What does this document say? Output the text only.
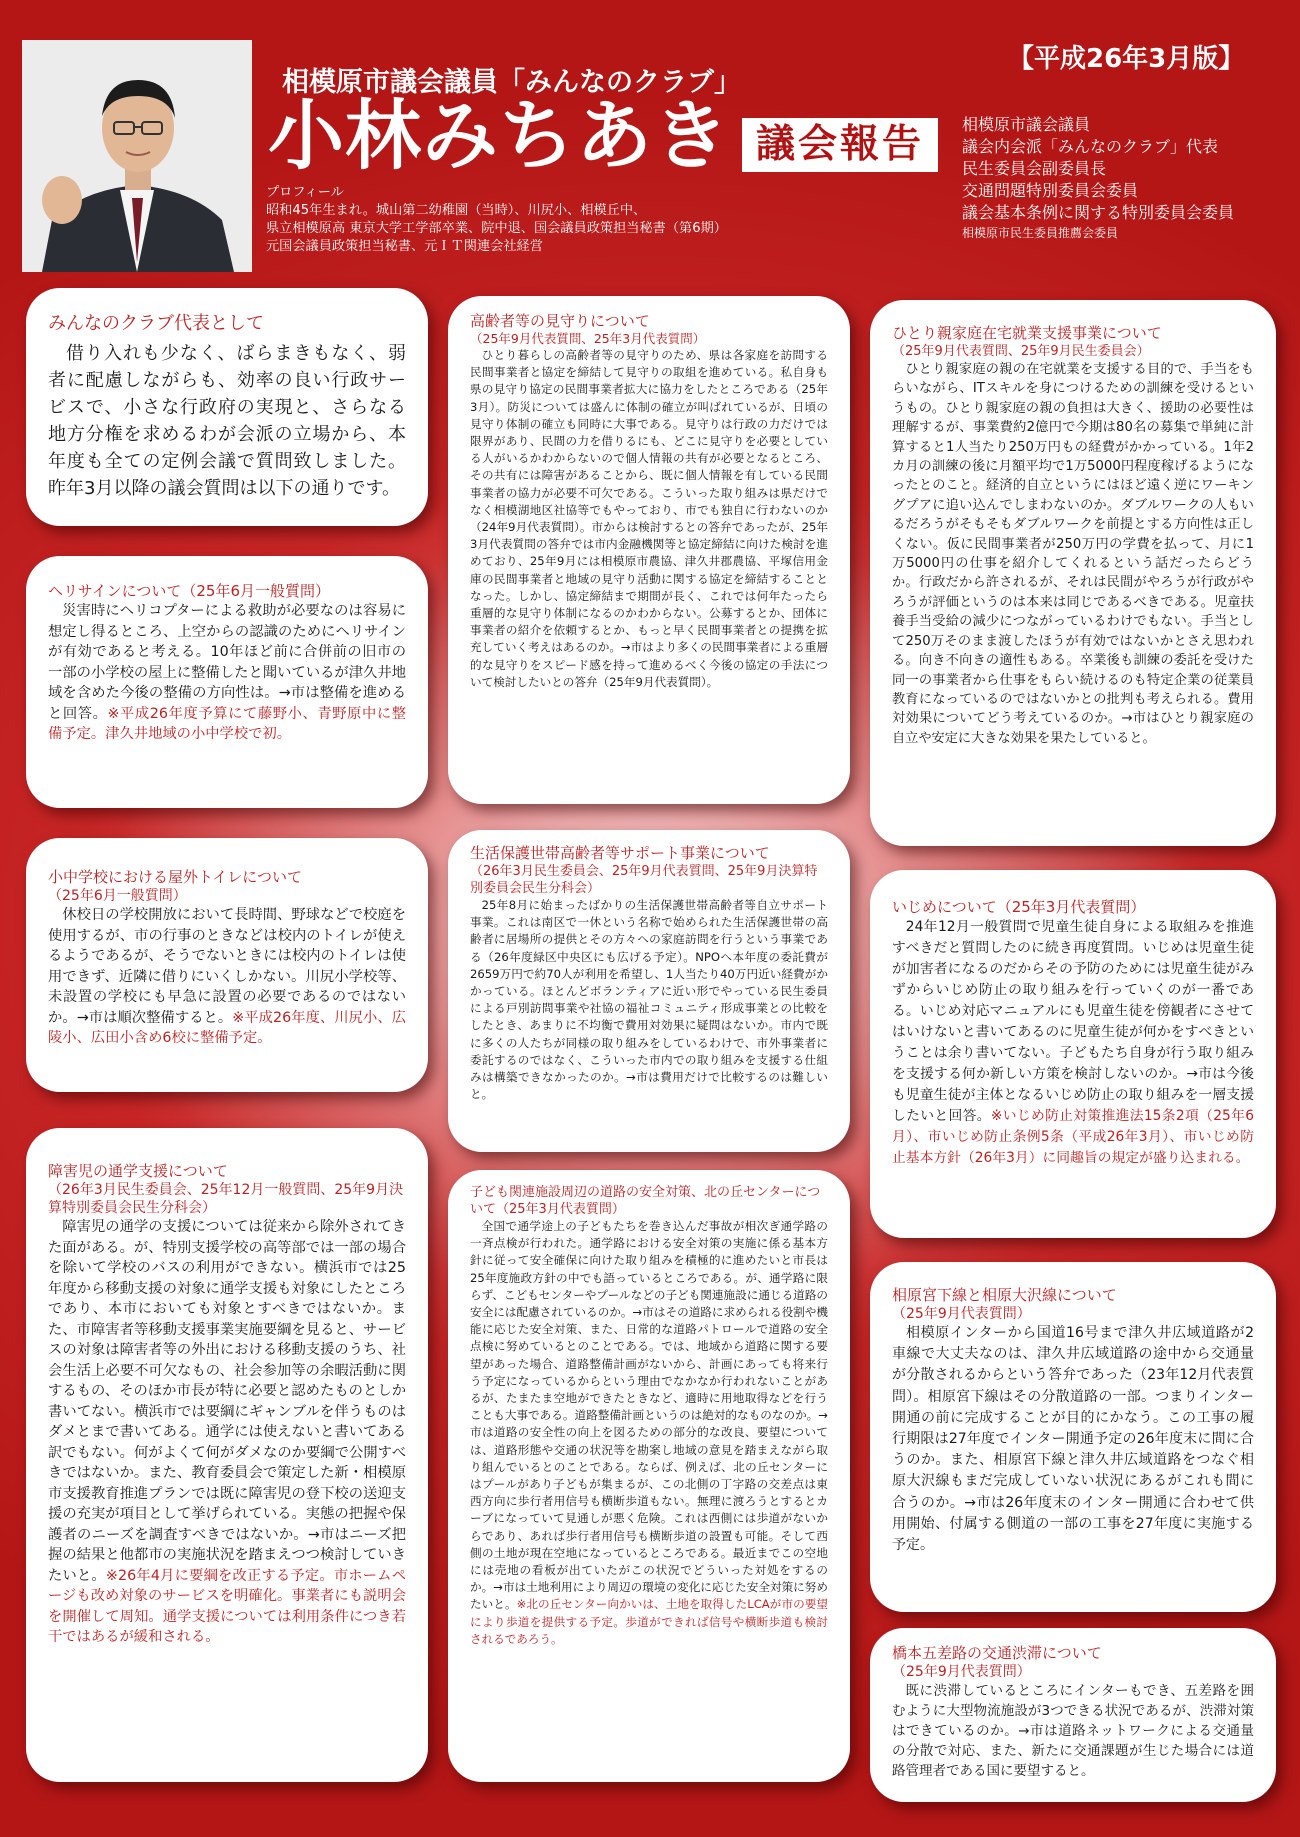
【平成26年3月版】
相模原市議会議員「みんなのクラブ」
小林みちあき 議会報告	相模原市議会議員
議会内会派「みんなのクラブ」代表
民生委員会副委員長
交通問題特別委員会委員
議会基本条例に関する特別委員会委員
相模原市民生委員推薦会委員
プロフィール
昭和45年生まれ。城山第二幼稚園（当時）、川尻小、相模丘中、
県立相模原高 東京大学工学部卒業、院中退、国会議員政策担当秘書（第6期）
元国会議員政策担当秘書、元ＩＴ関連会社経営
みんなのクラブ代表として
借り入れも少なく、ばらまきもなく、弱者に配慮しながらも、効率の良い行政サービスで、小さな行政府の実現と、さらなる地方分権を求めるわが会派の立場から、本年度も全ての定例会議で質問致しました。昨年3月以降の議会質問は以下の通りです。
ヘリサインについて（25年6月一般質問）
災害時にヘリコプターによる救助が必要なのは容易に想定し得るところ、上空からの認識のためにヘリサインが有効であると考える。10年ほど前に合併前の旧市の一部の小学校の屋上に整備したと聞いているが津久井地域を含めた今後の整備の方向性は。→市は整備を進めると回答。※平成26年度予算にて藤野小、青野原中に整備予定。津久井地域の小中学校で初。
小中学校における屋外トイレについて
（25年6月一般質問）
休校日の学校開放において長時間、野球などで校庭を使用するが、市の行事のときなどは校内のトイレが使えるようであるが、そうでないときには校内のトイレは使用できず、近隣に借りにいくしかない。川尻小学校等、未設置の学校にも早急に設置の必要であるのではないか。→市は順次整備すると。※平成26年度、川尻小、広陵小、広田小含め6校に整備予定。
障害児の通学支援について
（26年3月民生委員会、25年12月一般質問、25年9月決算特別委員会民生分科会）
障害児の通学の支援については従来から除外されてきた面がある。が、特別支援学校の高等部では一部の場合を除いて学校のバスの利用ができない。横浜市では25年度から移動支援の対象に通学支援も対象にしたところであり、本市においても対象とすべきではないか。また、市障害者等移動支援事業実施要綱を見ると、サービスの対象は障害者等の外出における移動支援のうち、社会生活上必要不可欠なもの、社会参加等の余暇活動に関するもの、そのほか市長が特に必要と認めたものとしか書いてない。横浜市では要綱にギャンブルを伴うものはダメとまで書いてある。通学には使えないと書いてある訳でもない。何がよくて何がダメなのか要綱で公開すべきではないか。また、教育委員会で策定した新・相模原市支援教育推進プランでは既に障害児の登下校の送迎支援の充実が項目として挙げられている。実態の把握や保護者のニーズを調査すべきではないか。→市はニーズ把握の結果と他都市の実施状況を踏まえつつ検討していきたいと。※26年4月に要綱を改正する予定。市ホームページも改め対象のサービスを明確化。事業者にも説明会を開催して周知。通学支援については利用条件につき若干ではあるが緩和される。
高齢者等の見守りについて
（25年9月代表質問、25年3月代表質問）
ひとり暮らしの高齢者等の見守りのため、県は各家庭を訪問する民間事業者と協定を締結して見守りの取組を進めている。私自身も県の見守り協定の民間事業者拡大に協力をしたところである（25年3月）。防災については盛んに体制の確立が叫ばれているが、日頃の見守り体制の確立も同時に大事である。見守りは行政の力だけでは限界があり、民間の力を借りるにも、どこに見守りを必要としている人がいるかわからないので個人情報の共有が必要となるところ、その共有には障害があることから、既に個人情報を有している民間事業者の協力が必要不可欠である。こういった取り組みは県だけでなく相模湖地区社協等でもやっており、市でも独自に行わないのか（24年9月代表質問）。市からは検討するとの答弁であったが、25年3月代表質問の答弁では市内金融機関等と協定締結に向けた検討を進めており、25年9月には相模原市農協、津久井郡農協、平塚信用金庫の民間事業者と地域の見守り活動に関する協定を締結することとなった。しかし、協定締結まで期間が長く、これでは何年たったら重層的な見守り体制になるのかわからない。公募するとか、団体に事業者の紹介を依頼するとか、もっと早く民間事業者との提携を拡充していく考えはあるのか。→市はより多くの民間事業者による重層的な見守りをスピード感を持って進めるべく今後の協定の手法について検討したいとの答弁（25年9月代表質問）。
生活保護世帯高齢者等サポート事業について
（26年3月民生委員会、25年9月代表質問、25年9月決算特別委員会民生分科会）
25年8月に始まったばかりの生活保護世帯高齢者等自立サポート事業。これは南区で一休という名称で始められた生活保護世帯の高齢者に居場所の提供とその方々への家庭訪問を行うという事業である（26年度緑区中央区にも広げる予定）。NPOへ本年度の委託費が2659万円で約70人が利用を希望し、1人当たり40万円近い経費がかかっている。ほとんどボランティアに近い形でやっている民生委員による戸別訪問事業や社協の福祉コミュニティ形成事業との比較をしたとき、あまりに不均衡で費用対効果に疑問はないか。市内で既に多くの人たちが同様の取り組みをしているわけで、市外事業者に委託するのではなく、こういった市内での取り組みを支援する仕組みは構築できなかったのか。→市は費用だけで比較するのは難しいと。
子ども関連施設周辺の道路の安全対策、北の丘センターについて（25年3月代表質問）
全国で通学途上の子どもたちを巻き込んだ事故が相次ぎ通学路の一斉点検が行われた。通学路における安全対策の実施に係る基本方針に従って安全確保に向けた取り組みを積極的に進めたいと市長は25年度施政方針の中でも語っているところである。が、通学路に限らず、こどもセンターやプールなどの子ども関連施設に通じる道路の安全には配慮されているのか。→市はその道路に求められる役割や機能に応じた安全対策、また、日常的な道路パトロールで道路の安全点検に努めているとのことである。では、地域から道路に関する要望があった場合、道路整備計画がないから、計画にあっても将来行う予定になっているからという理由でなかなか行われないことがあるが、たまたま空地ができたときなど、適時に用地取得などを行うことも大事である。道路整備計画というのは絶対的なものなのか。→市は道路の安全性の向上を図るための部分的な改良、要望については、道路形態や交通の状況等を勘案し地域の意見を踏まえながら取り組んでいるとのことである。ならば、例えば、北の丘センターにはプールがあり子どもが集まるが、この北側の丁字路の交差点は東西方向に歩行者用信号も横断歩道もない。無理に渡ろうとするとカーブになっていて見通しが悪く危険。これは西側には歩道がないからであり、あれば歩行者用信号も横断歩道の設置も可能。そして西側の土地が現在空地になっているところである。最近までこの空地には売地の看板が出ていたがこの状況でどういった対処をするのか。→市は土地利用により周辺の環境の変化に応じた安全対策に努めたいと。※北の丘センター向かいは、土地を取得したLCAが市の要望により歩道を提供する予定。歩道ができれば信号や横断歩道も検討されるであろう。
ひとり親家庭在宅就業支援事業について
（25年9月代表質問、25年9月民生委員会）
ひとり親家庭の親の在宅就業を支援する目的で、手当をもらいながら、ITスキルを身につけるための訓練を受けるというもの。ひとり親家庭の親の負担は大きく、援助の必要性は理解するが、事業費約2億円で今期は80名の募集で単純に計算すると1人当たり250万円もの経費がかかっている。1年2カ月の訓練の後に月額平均で1万5000円程度稼げるようになったとのこと。経済的自立というにはほど遠く逆にワーキングプアに追い込んでしまわないのか。ダブルワークの人もいるだろうがそもそもダブルワークを前提とする方向性は正しくない。仮に民間事業者が250万円の学費を払って、月に1万5000円の仕事を紹介してくれるという話だったらどうか。行政だから許されるが、それは民間がやろうが行政がやろうが評価というのは本来は同じであるべきである。児童扶養手当受給の減少につながっているわけでもない。手当として250万そのまま渡したほうが有効ではないかとさえ思われる。向き不向きの適性もある。卒業後も訓練の委託を受けた同一の事業者から仕事をもらい続けるのも特定企業の従業員教育になっているのではないかとの批判も考えられる。費用対効果についてどう考えているのか。→市はひとり親家庭の自立や安定に大きな効果を果たしていると。
いじめについて（25年3月代表質問）
24年12月一般質問で児童生徒自身による取組みを推進すべきだと質問したのに続き再度質問。いじめは児童生徒が加害者になるのだからその予防のためには児童生徒がみずからいじめ防止の取り組みを行っていくのが一番である。いじめ対応マニュアルにも児童生徒を傍観者にさせてはいけないと書いてあるのに児童生徒が何かをすべきということは余り書いてない。子どもたち自身が行う取り組みを支援する何か新しい方策を検討しないのか。→市は今後も児童生徒が主体となるいじめ防止の取り組みを一層支援したいと回答。※いじめ防止対策推進法15条2項（25年6月）、市いじめ防止条例5条（平成26年3月）、市いじめ防止基本方針（26年3月）に同趣旨の規定が盛り込まれる。
相原宮下線と相原大沢線について
（25年9月代表質問）
相模原インターから国道16号まで津久井広域道路が2車線で大丈夫なのは、津久井広域道路の途中から交通量が分散されるからという答弁であった（23年12月代表質問）。相原宮下線はその分散道路の一部。つまりインター開通の前に完成することが目的にかなう。この工事の履行期限は27年度でインター開通予定の26年度末に間に合うのか。また、相原宮下線と津久井広域道路をつなぐ相原大沢線もまだ完成していない状況にあるがこれも間に合うのか。→市は26年度末のインター開通に合わせて供用開始、付属する側道の一部の工事を27年度に実施する予定。
橋本五差路の交通渋滞について
（25年9月代表質問）
既に渋滞しているところにインターもでき、五差路を囲むように大型物流施設が3つできる状況であるが、渋滞対策はできているのか。→市は道路ネットワークによる交通量の分散で対応、また、新たに交通課題が生じた場合には道路管理者である国に要望すると。
